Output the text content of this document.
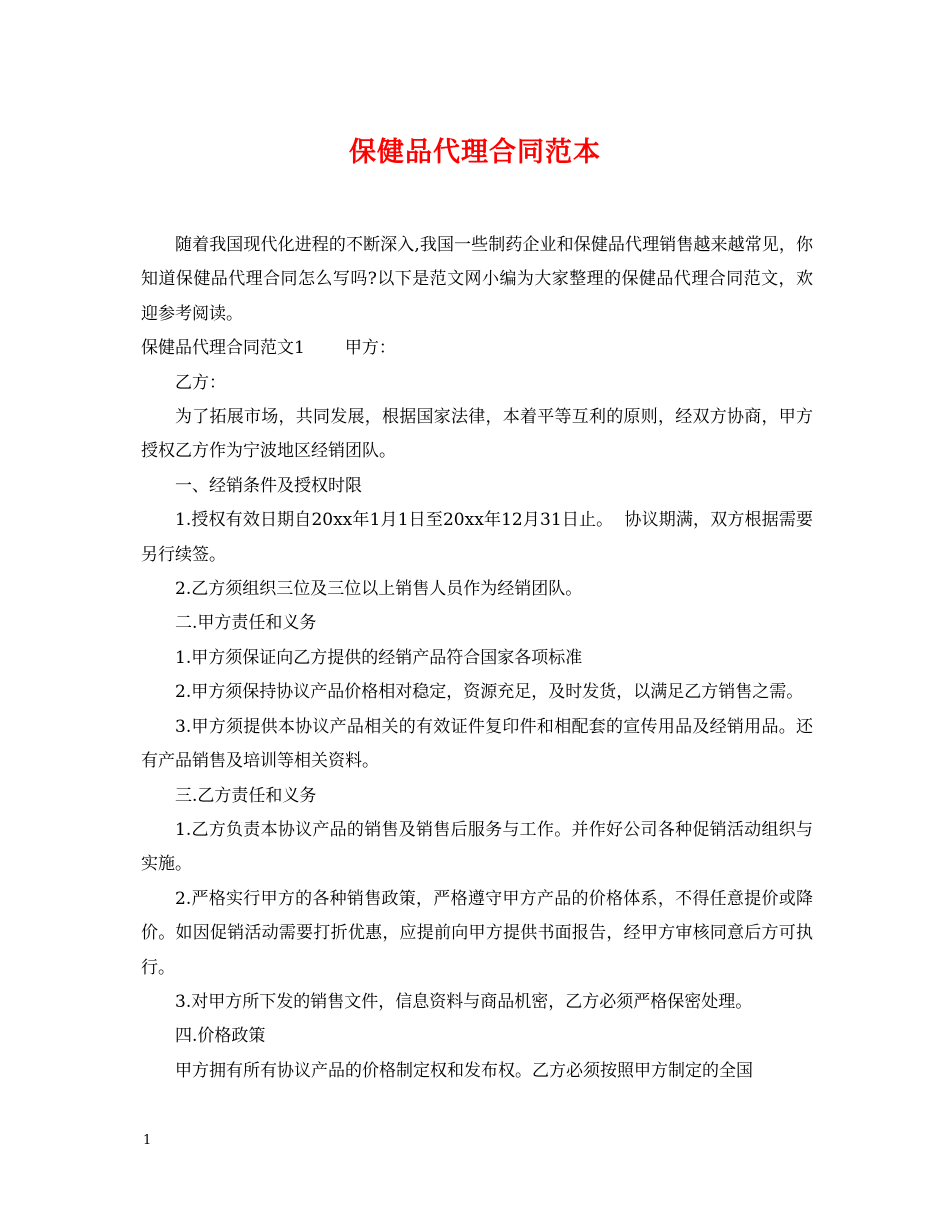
保健品代理合同范本

随着我国现代化进程的不断深入,我国一些制药企业和保健品代理销售越来越常见，你知道保健品代理合同怎么写吗?以下是范文网小编为大家整理的保健品代理合同范文，欢迎参考阅读。

保健品代理合同范文1 甲方：

乙方：

为了拓展市场，共同发展，根据国家法律，本着平等互利的原则，经双方协商，甲方授权乙方作为宁波地区经销团队。

一、经销条件及授权时限

1.授权有效日期自20xx年1月1日至20xx年12月31日止。  协议期满，双方根据需要另行续签。

2.乙方须组织三位及三位以上销售人员作为经销团队。

二.甲方责任和义务

1.甲方须保证向乙方提供的经销产品符合国家各项标准

2.甲方须保持协议产品价格相对稳定，资源充足，及时发货，以满足乙方销售之需。

3.甲方须提供本协议产品相关的有效证件复印件和相配套的宣传用品及经销用品。还有产品销售及培训等相关资料。

三.乙方责任和义务

1.乙方负责本协议产品的销售及销售后服务与工作。并作好公司各种促销活动组织与实施。

2.严格实行甲方的各种销售政策，严格遵守甲方产品的价格体系，不得任意提价或降价。如因促销活动需要打折优惠，应提前向甲方提供书面报告，经甲方审核同意后方可执行。

3.对甲方所下发的销售文件，信息资料与商品机密，乙方必须严格保密处理。

四.价格政策

甲方拥有所有协议产品的价格制定权和发布权。乙方必须按照甲方制定的全国

1
